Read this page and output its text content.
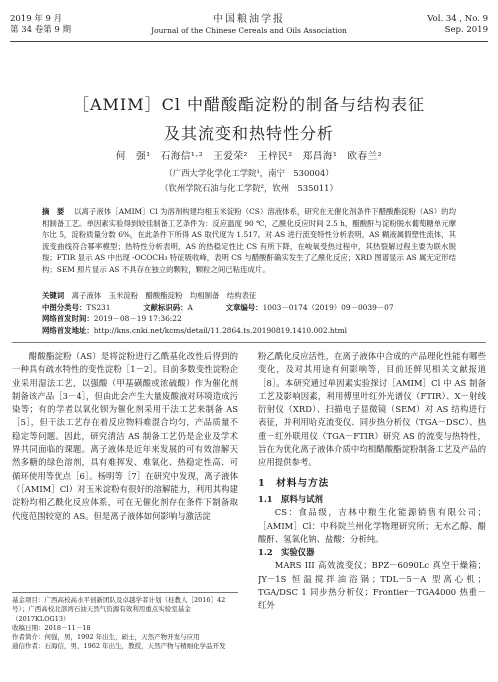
2019 年 9 月
第 34 卷第 9 期
中国粮油学报
Journal of the Chinese Cereals and Oils Association
Vol. 34 , No. 9
Sep. 2019
［AMIM］Cl 中醋酸酯淀粉的制备与结构表征
及其流变和热特性分析
何　强¹　石海信¹·²　王爱荣²　王梓民²　郑昌海¹　欧春兰²
（广西大学化学化工学院¹，南宁　530004）
（钦州学院石油与化工学院²，钦州　535011）
摘　要 　 以离子液体［AMIM］Cl 为溶剂构建均相玉米淀粉（CS）溶液体系，研究在无催化剂条件下醋酸酯淀粉（AS）的均相制备工艺。单因素实验得到较佳制备工艺条件为：反应温度 90 ℃，乙酰化反应时间 2.5 h，醋酸酐与淀粉脱水葡萄糖单元摩尔比 5，淀粉质量分数 6%，在此条件下所得 AS 取代度为 1.517。对 AS 进行流变特性分析表明，AS 糊液属假塑性流体，其流变曲线符合幂率模型；热特性分析表明，AS 的热稳定性比 CS 有所下降，在峻氧受热过程中，其热裂解过程主要为联水脱羧；FTIR 显示 AS 中出现 -OCOCH₃ 特征吸收峰，表明 CS 与醋酸酐确实发生了乙酰化反应；XRD 图谱显示 AS 属无定形结构；SEM 照片显示 AS 不具存在独立的颗粒，颗粒之间已粘连成片。
关键词　 离子液体　玉米淀粉　醋酸酯淀粉　均相制备　结构表征
中图分类号：TS231	文献标识码：A	文章编号：1003－0174（2019）09－0039－07
网络首发时间：2019－08－19 17:36:22
网络首发地址：http://kns.cnki.net/kcms/detail/11.2864.ts.20190819.1410.002.html
醋酸酯淀粉（AS）是将淀粉进行乙酰基化改性后得到的一种具有疏水特性的变性淀粉［1－2］。目前多数变性淀粉企业采用湿法工艺，以强酸（甲基磺酸或浓硫酸）作为催化剂制备该产品［3－4］，但由此会产生大量废酸液对环境造成污染等；有的学者以氧化钡为催化剂采用干法工艺来制备 AS［5］，但干法工艺存在着反应物料难混合均匀，产品质量不稳定等问题。因此，研究清洁 AS 制备工艺仍是企业及学术界共同面临的课题。离子液体是近年来发展的可有效溶解天然多糖的绿色溶剂，具有难挥发、难氧化、热稳定性高、可循环使用等优点［6］。杨明等［7］在研究中发现，离子液体（［AMIM］Cl）对玉米淀粉有很好的溶解能力，利用其构建淀粉均相乙酰化反应体系，可在无催化剂存在条件下制备取代度范围较宽的 AS。但是离子液体如何影响与激活淀
基金项目：广西高校高水平创新团队及卓越学者计划（桂教人［2016］42 号）；广西高校北部湾石油天然气资源有效利用重点实验室基金（2017KLOG13）
收稿日期：2018－11－18
作者简介：何强，男，1992 年出生，硕士，天然产物开发与应用
通信作者：石海信，男，1962 年出生，教授，天然产物与精细化学品开发
粉乙酰化反应活性，在离子液体中合成的产品理化性能有哪些变化，及对其用途有何影响等，目前还鲜见相关文献报道［8］。本研究通过单因素实验探讨［AMIM］Cl 中 AS 制备工艺及影响因素，利用傅里叶红外光谱仪（FTIR）、X－射线衍射仪（XRD）、扫描电子显微镜（SEM）对 AS 结构进行表征，并利用哈克流变仪、同步热分析仪（TGA－DSC）、热重－红外联用仪（TGA－FTIR）研究 AS 的流变与热特性，旨在为优化离子液体介质中均相醋酸酯淀粉制备工艺及产品的应用提供参考。
1　材料与方法
1.1　原料与试剂
CS：食品级，吉林中粮生化能源销售有限公司；［AMIM］Cl：中科院兰州化学物理研究所；无水乙醇、醋酸酐、氢氧化钠、盐酸：分析纯。
1.2　实验仪器
MARS III 高效流变仪；BPZ－6090Lc 真空干燥箱；JY－1S 恒温搅拌油浴锅；TDL－5－A 型离心机；TGA/DSC 1 同步热分析仪；Frontier－TGA4000 热重－红外
